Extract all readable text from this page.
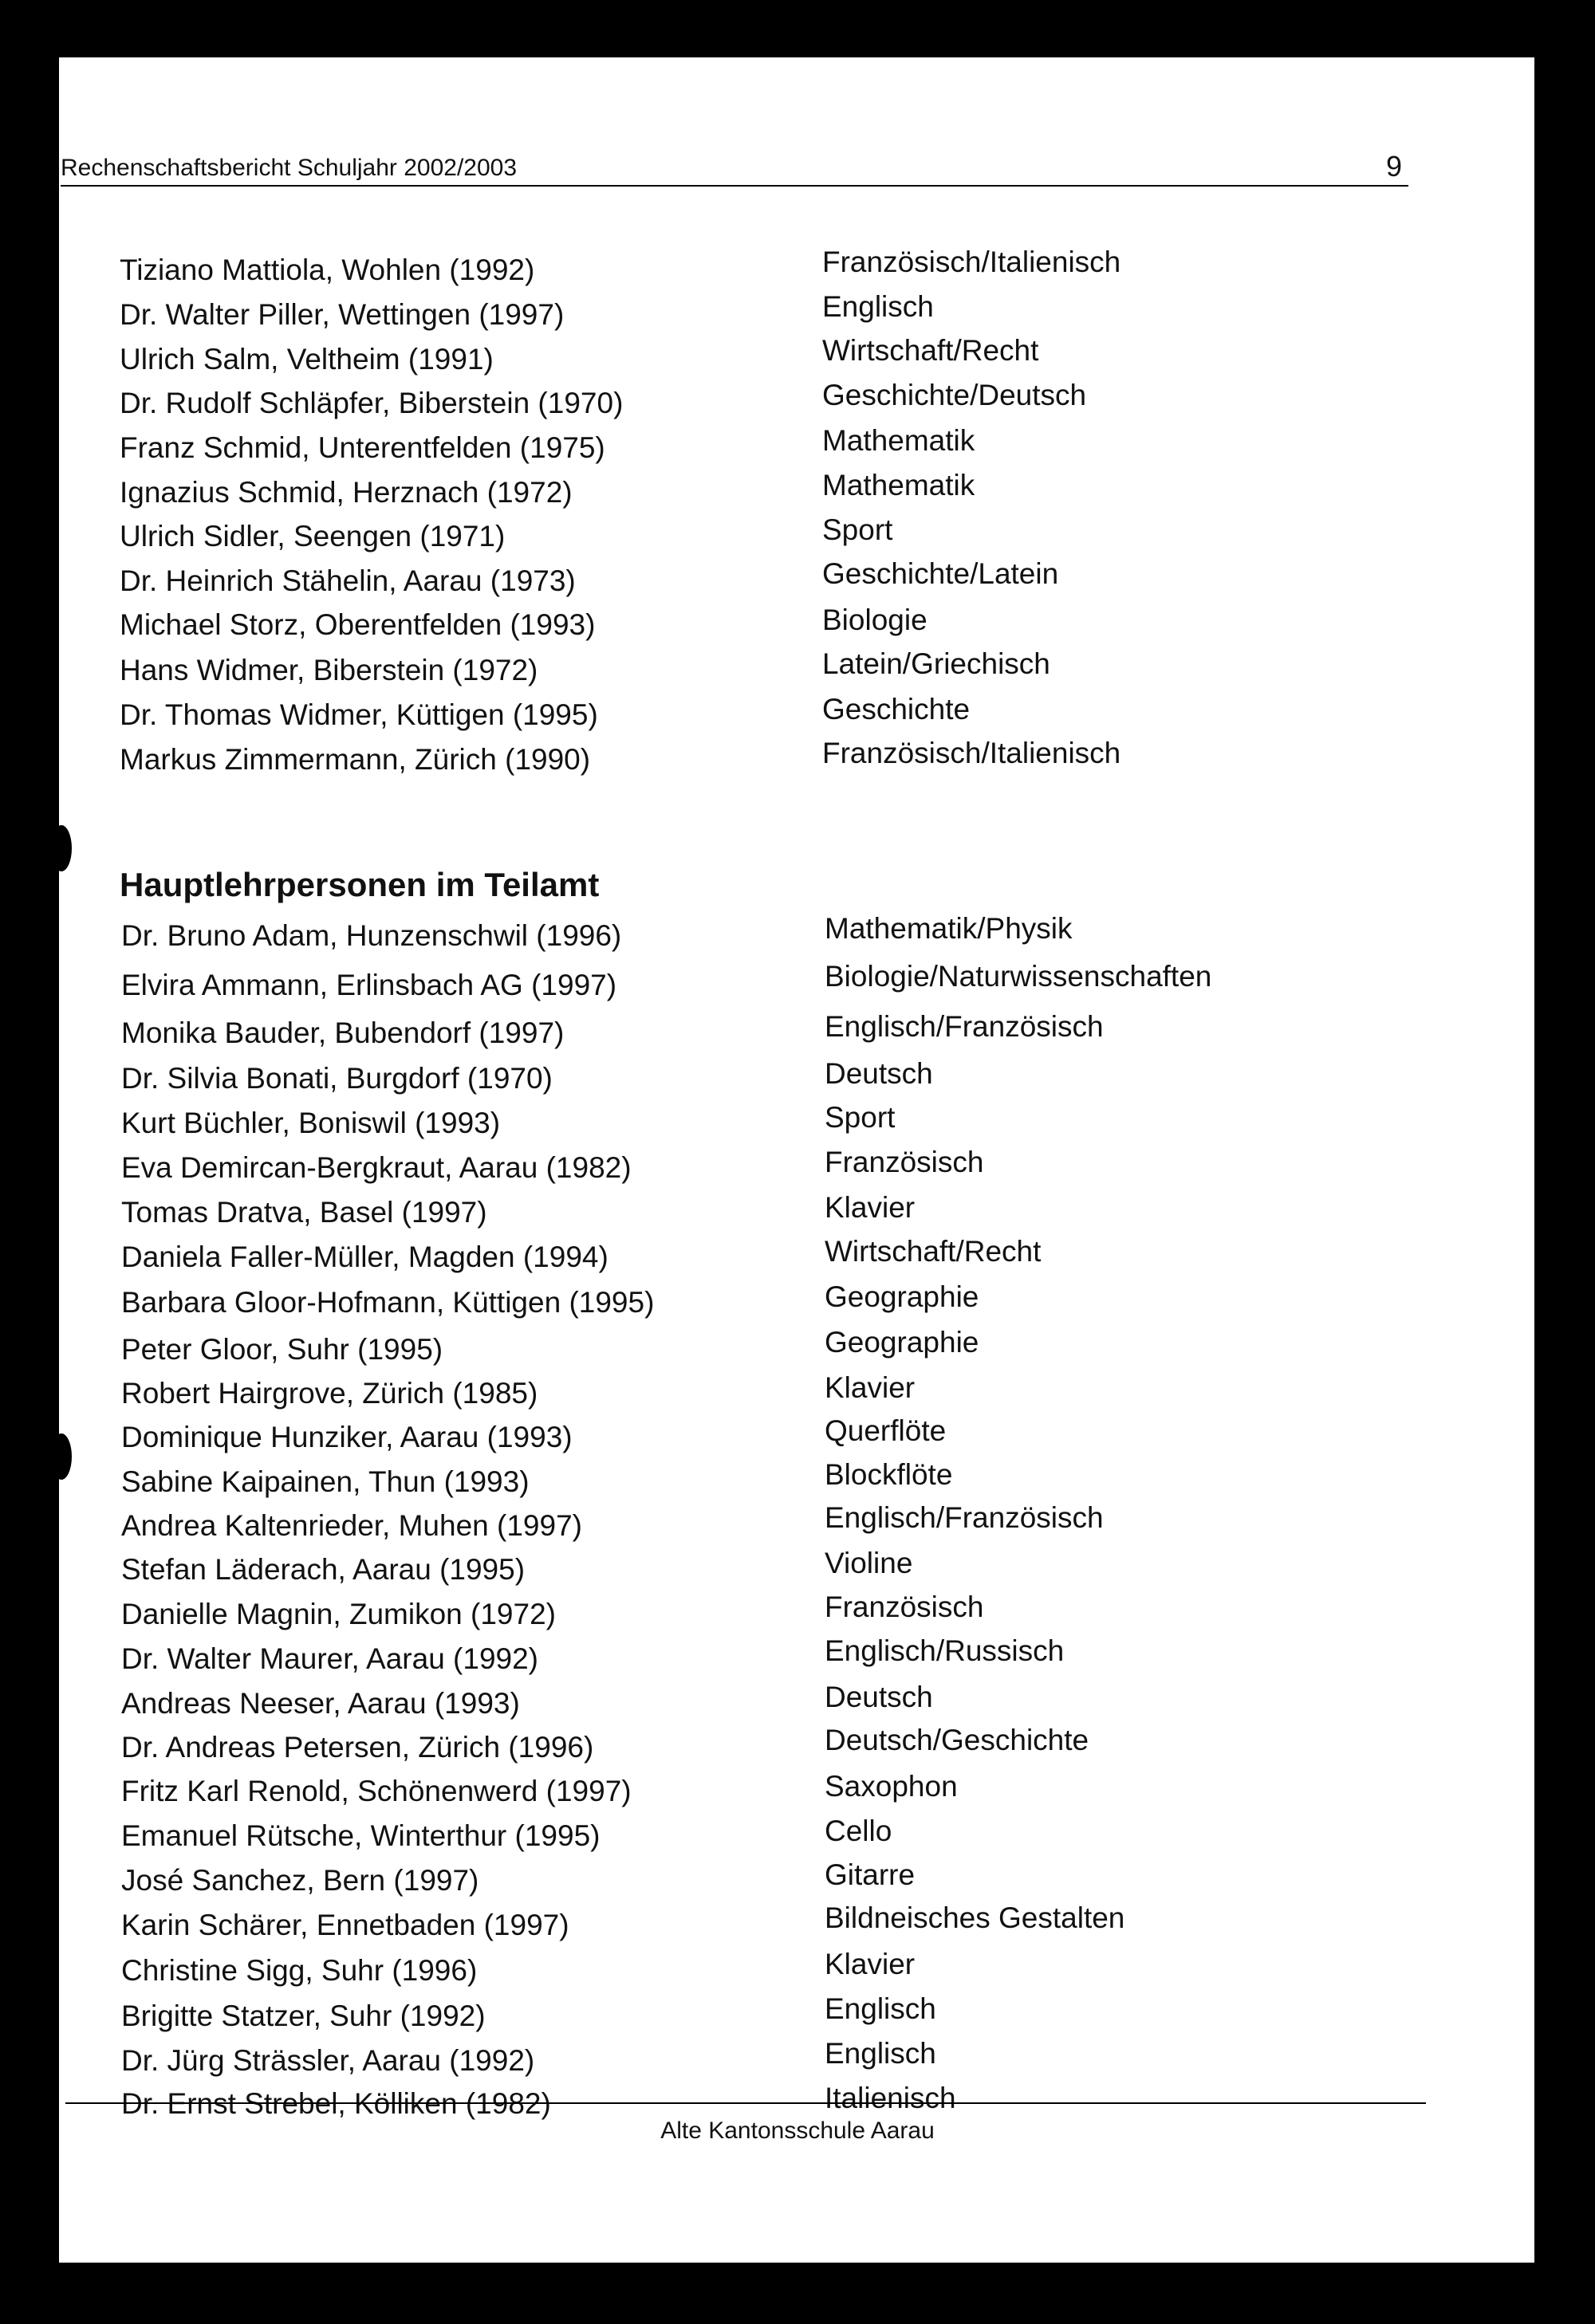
Rechenschaftsbericht Schuljahr 2002/2003	9
Tiziano Mattiola, Wohlen (1992)	Französisch/Italienisch
Dr. Walter Piller, Wettingen (1997)	Englisch
Ulrich Salm, Veltheim (1991)	Wirtschaft/Recht
Dr. Rudolf Schläpfer, Biberstein (1970)	Geschichte/Deutsch
Franz Schmid, Unterentfelden (1975)	Mathematik
Ignazius Schmid, Herznach (1972)	Mathematik
Ulrich Sidler, Seengen (1971)	Sport
Dr. Heinrich Stähelin, Aarau (1973)	Geschichte/Latein
Michael Storz, Oberentfelden (1993)	Biologie
Hans Widmer, Biberstein (1972)	Latein/Griechisch
Dr. Thomas Widmer, Küttigen (1995)	Geschichte
Markus Zimmermann, Zürich (1990)	Französisch/Italienisch
Hauptlehrpersonen im Teilamt
Dr. Bruno Adam, Hunzenschwil (1996)	Mathematik/Physik
Elvira Ammann, Erlinsbach AG (1997)	Biologie/Naturwissenschaften
Monika Bauder, Bubendorf (1997)	Englisch/Französisch
Dr. Silvia Bonati, Burgdorf (1970)	Deutsch
Kurt Büchler, Boniswil (1993)	Sport
Eva Demircan-Bergkraut, Aarau (1982)	Französisch
Tomas Dratva, Basel (1997)	Klavier
Daniela Faller-Müller, Magden (1994)	Wirtschaft/Recht
Barbara Gloor-Hofmann, Küttigen (1995)	Geographie
Peter Gloor, Suhr (1995)	Geographie
Robert Hairgrove, Zürich (1985)	Klavier
Dominique Hunziker, Aarau (1993)	Querflöte
Sabine Kaipainen, Thun (1993)	Blockflöte
Andrea Kaltenrieder, Muhen (1997)	Englisch/Französisch
Stefan Läderach, Aarau (1995)	Violine
Danielle Magnin, Zumikon (1972)	Französisch
Dr. Walter Maurer, Aarau (1992)	Englisch/Russisch
Andreas Neeser, Aarau (1993)	Deutsch
Dr. Andreas Petersen, Zürich (1996)	Deutsch/Geschichte
Fritz Karl Renold, Schönenwerd (1997)	Saxophon
Emanuel Rütsche, Winterthur (1995)	Cello
José Sanchez, Bern (1997)	Gitarre
Karin Schärer, Ennetbaden (1997)	Bildneisches Gestalten
Christine Sigg, Suhr (1996)	Klavier
Brigitte Statzer, Suhr (1992)	Englisch
Dr. Jürg Strässler, Aarau (1992)	Englisch
Dr. Ernst Strebel, Kölliken (1982)	Italienisch
Alte Kantonsschule Aarau
